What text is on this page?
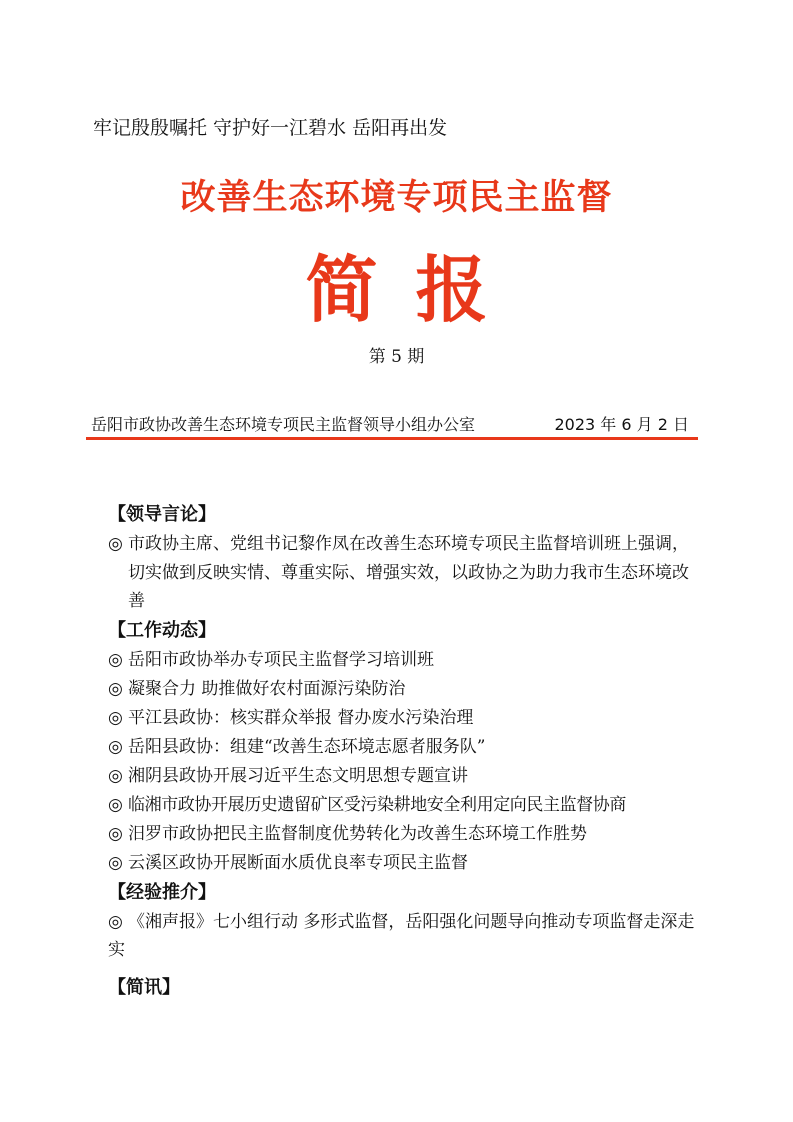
牢记殷殷嘱托 守护好一江碧水 岳阳再出发
改善生态环境专项民主监督
简报
第 5 期
岳阳市政协改善生态环境专项民主监督领导小组办公室	2023 年 6 月 2 日
【领导言论】
◎ 市政协主席、党组书记黎作凤在改善生态环境专项民主监督培训班上强调，切实做到反映实情、尊重实际、增强实效，以政协之为助力我市生态环境改善
【工作动态】
◎ 岳阳市政协举办专项民主监督学习培训班
◎ 凝聚合力 助推做好农村面源污染防治
◎ 平江县政协：核实群众举报 督办废水污染治理
◎ 岳阳县政协：组建“改善生态环境志愿者服务队”
◎ 湘阴县政协开展习近平生态文明思想专题宣讲
◎ 临湘市政协开展历史遗留矿区受污染耕地安全利用定向民主监督协商
◎ 汨罗市政协把民主监督制度优势转化为改善生态环境工作胜势
◎ 云溪区政协开展断面水质优良率专项民主监督
【经验推介】
◎ 《湘声报》七小组行动 多形式监督，岳阳强化问题导向推动专项监督走深走实
【简讯】
